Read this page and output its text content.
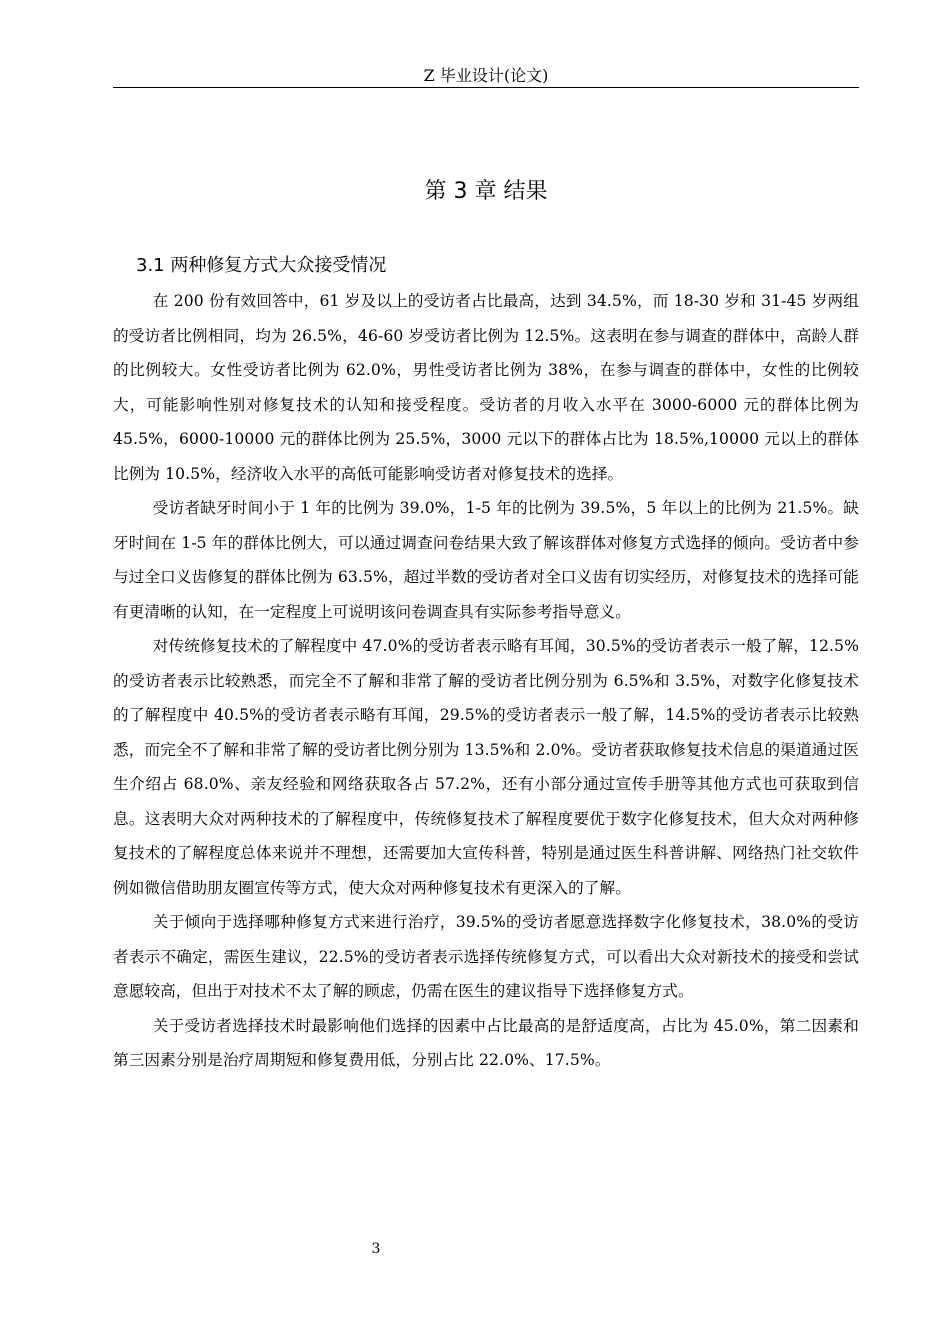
Z 毕业设计(论文)
第 3 章 结果
3.1 两种修复方式大众接受情况

在 200 份有效回答中，61 岁及以上的受访者占比最高，达到 34.5%，而 18-30 岁和 31-45 岁两组的受访者比例相同，均为 26.5%，46-60 岁受访者比例为 12.5%。这表明在参与调查的群体中，高龄人群的比例较大。女性受访者比例为 62.0%，男性受访者比例为 38%，在参与调查的群体中，女性的比例较大，可能影响性别对修复技术的认知和接受程度。受访者的月收入水平在 3000-6000 元的群体比例为 45.5%，6000-10000 元的群体比例为 25.5%，3000 元以下的群体占比为 18.5%,10000 元以上的群体比例为 10.5%，经济收入水平的高低可能影响受访者对修复技术的选择。

受访者缺牙时间小于 1 年的比例为 39.0%，1-5 年的比例为 39.5%，5 年以上的比例为 21.5%。缺牙时间在 1-5 年的群体比例大，可以通过调查问卷结果大致了解该群体对修复方式选择的倾向。受访者中参与过全口义齿修复的群体比例为 63.5%，超过半数的受访者对全口义齿有切实经历，对修复技术的选择可能有更清晰的认知，在一定程度上可说明该问卷调查具有实际参考指导意义。

对传统修复技术的了解程度中 47.0%的受访者表示略有耳闻，30.5%的受访者表示一般了解，12.5%的受访者表示比较熟悉，而完全不了解和非常了解的受访者比例分别为 6.5%和 3.5%，对数字化修复技术的了解程度中 40.5%的受访者表示略有耳闻，29.5%的受访者表示一般了解，14.5%的受访者表示比较熟悉，而完全不了解和非常了解的受访者比例分别为 13.5%和 2.0%。受访者获取修复技术信息的渠道通过医生介绍占 68.0%、亲友经验和网络获取各占 57.2%，还有小部分通过宣传手册等其他方式也可获取到信息。这表明大众对两种技术的了解程度中，传统修复技术了解程度要优于数字化修复技术，但大众对两种修复技术的了解程度总体来说并不理想，还需要加大宣传科普，特别是通过医生科普讲解、网络热门社交软件例如微信借助朋友圈宣传等方式，使大众对两种修复技术有更深入的了解。

关于倾向于选择哪种修复方式来进行治疗，39.5%的受访者愿意选择数字化修复技术，38.0%的受访者表示不确定，需医生建议，22.5%的受访者表示选择传统修复方式，可以看出大众对新技术的接受和尝试意愿较高，但出于对技术不太了解的顾虑，仍需在医生的建议指导下选择修复方式。

关于受访者选择技术时最影响他们选择的因素中占比最高的是舒适度高，占比为 45.0%，第二因素和第三因素分别是治疗周期短和修复费用低，分别占比 22.0%、17.5%。

3
